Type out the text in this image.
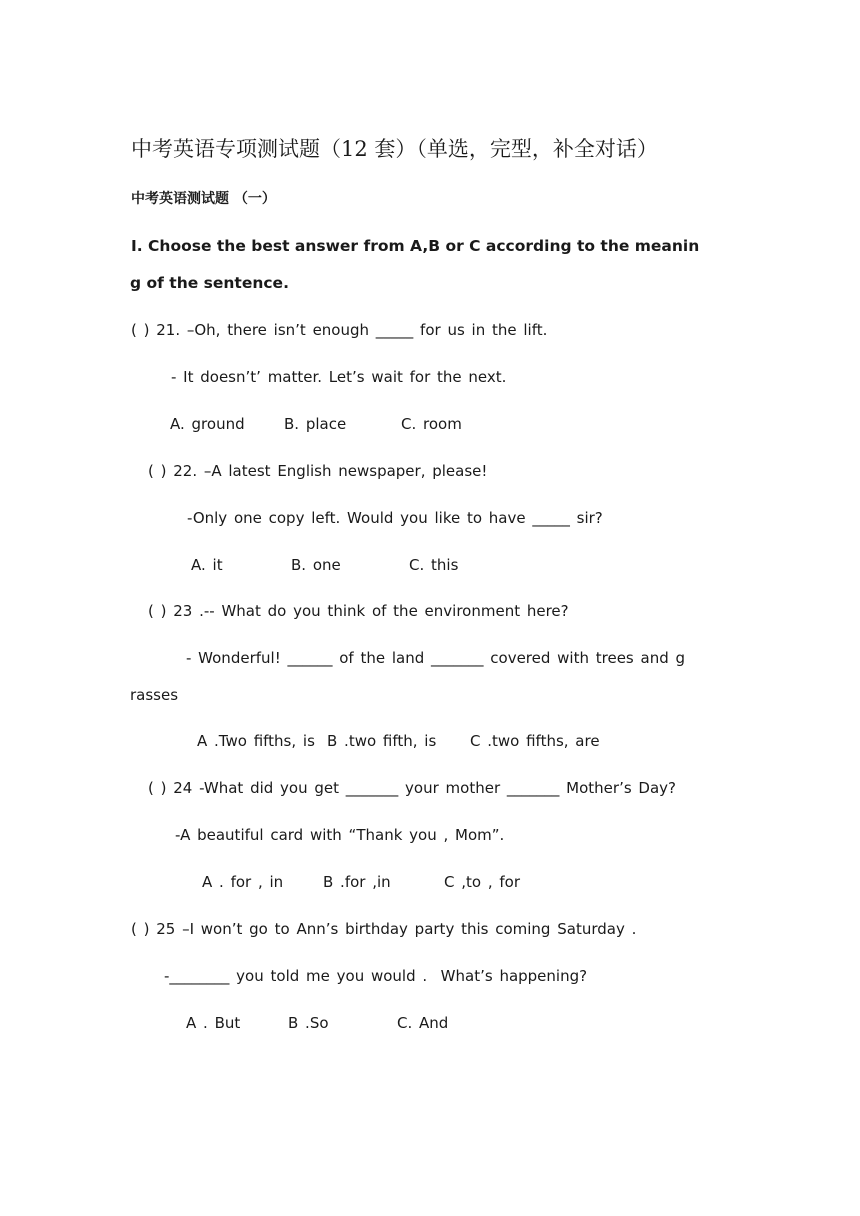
中考英语专项测试题（12 套）（单选，完型，补全对话）
中考英语测试题 （一）
Ⅰ. Choose the best answer from A,B or C according to the meanin
g of the sentence.
( ) 21. –Oh, there isn’t enough _____ for us in the lift.
- It doesn’t’ matter. Let’s wait for the next.
A. ground	B. place	C. room
( ) 22. –A latest English newspaper, please!
-Only one copy left. Would you like to have _____ sir?
A. it	B. one	C. this
( ) 23 .-- What do you think of the environment here?
- Wonderful! ______ of the land _______ covered with trees and g
rasses
A .Two fifths, is B .two fifth, is C .two fifths, are
( ) 24 -What did you get _______ your mother _______ Mother’s Day?
-A beautiful card with “Thank you , Mom”.
A . for , in	B .for ,in	C ,to , for
( ) 25 –I won’t go to Ann’s birthday party this coming Saturday .
-________ you told me you would .  What’s happening?
A . But	B .So	C. And
